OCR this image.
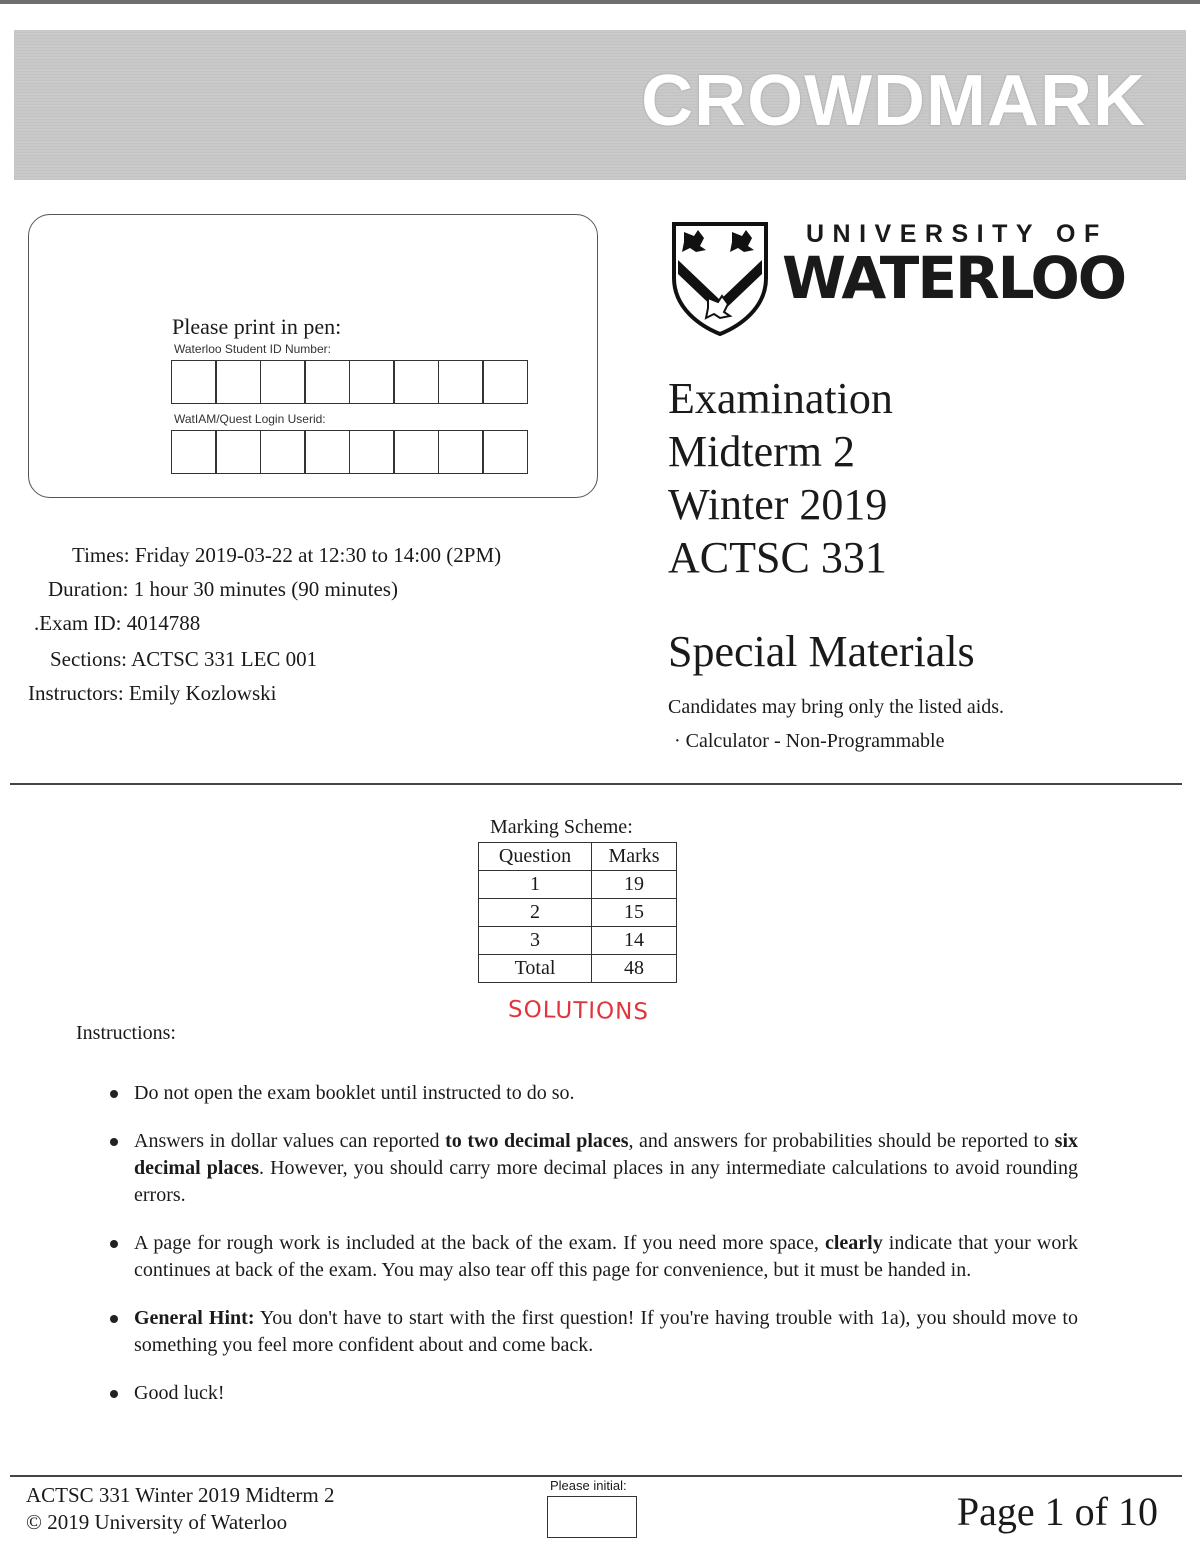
CROWDMARK
Please print in pen:
Waterloo Student ID Number:
WatIAM/Quest Login Userid:
UNIVERSITY OF
WATERLOO
Examination
Midterm 2
Winter 2019
ACTSC 331
Special Materials
Candidates may bring only the listed aids.
· Calculator - Non-Programmable
Times: Friday 2019-03-22 at 12:30 to 14:00 (2PM)
Duration: 1 hour 30 minutes (90 minutes)
.Exam ID: 4014788
Sections: ACTSC 331 LEC 001
Instructors: Emily Kozlowski
Marking Scheme:
Question	Marks
1	19
2	15
3	14
Total	48
SOLUTIONS
Instructions:
Do not open the exam booklet until instructed to do so.
Answers in dollar values can reported to two decimal places, and answers for probabilities should be reported to six decimal places. However, you should carry more decimal places in any intermediate calculations to avoid rounding errors.
A page for rough work is included at the back of the exam. If you need more space, clearly indicate that your work continues at back of the exam. You may also tear off this page for convenience, but it must be handed in.
General Hint: You don't have to start with the first question! If you're having trouble with 1a), you should move to something you feel more confident about and come back.
Good luck!
ACTSC 331 Winter 2019 Midterm 2
© 2019 University of Waterloo
Please initial:
Page 1 of 10
